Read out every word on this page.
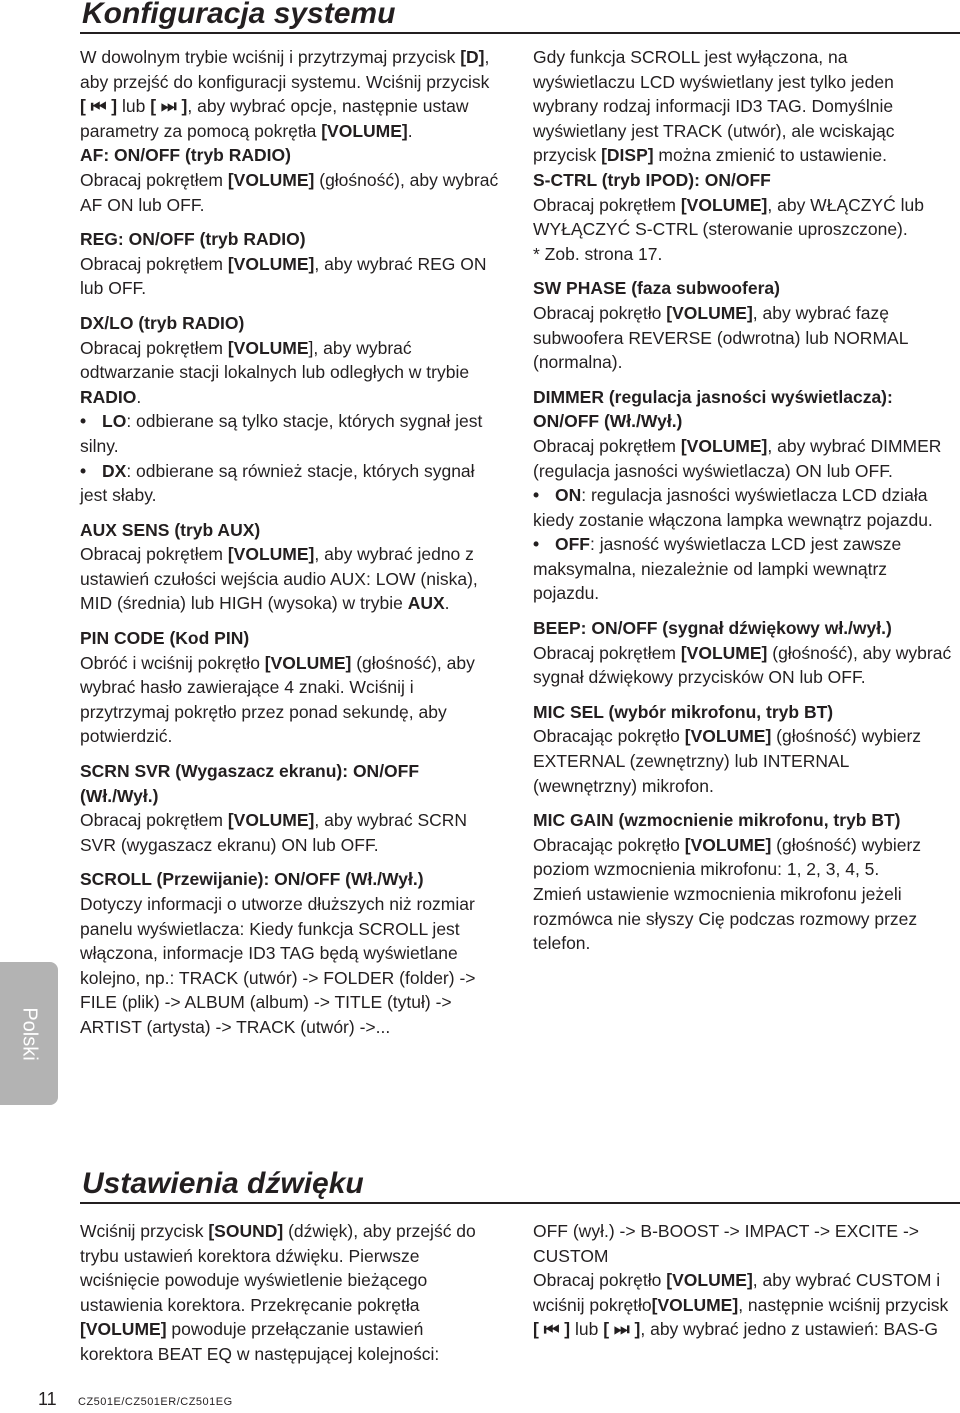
Konfiguracja systemu

W dowolnym trybie wciśnij i przytrzymaj przycisk [D], aby przejść do konfiguracji systemu. Wciśnij przycisk [ ⏮ ] lub [ ⏭ ], aby wybrać opcje, następnie ustaw parametry za pomocą pokrętła [VOLUME].

AF: ON/OFF (tryb RADIO)

Obracaj pokrętłem [VOLUME] (głośność), aby wybrać AF ON lub OFF.

REG: ON/OFF (tryb RADIO)

Obracaj pokrętłem [VOLUME], aby wybrać REG ON lub OFF.

DX/LO (tryb RADIO)

Obracaj pokrętłem [VOLUME], aby wybrać odtwarzanie stacji lokalnych lub odległych w trybie RADIO.

• LO: odbierane są tylko stacje, których sygnał jest silny.

• DX: odbierane są również stacje, których sygnał jest słaby.

AUX SENS (tryb AUX)

Obracaj pokrętłem [VOLUME], aby wybrać jedno z ustawień czułości wejścia audio AUX: LOW (niska), MID (średnia) lub HIGH (wysoka) w trybie AUX.

PIN CODE (Kod PIN)

Obróć i wciśnij pokrętło [VOLUME] (głośność), aby wybrać hasło zawierające 4 znaki. Wciśnij i przytrzymaj pokrętło przez ponad sekundę, aby potwierdzić.

SCRN SVR (Wygaszacz ekranu): ON/OFF (Wł./Wył.)

Obracaj pokrętłem [VOLUME], aby wybrać SCRN SVR (wygaszacz ekranu) ON lub OFF.

SCROLL (Przewijanie): ON/OFF (Wł./Wył.)

Dotyczy informacji o utworze dłuższych niż rozmiar panelu wyświetlacza: Kiedy funkcja SCROLL jest włączona, informacje ID3 TAG będą wyświetlane kolejno, np.: TRACK (utwór) -> FOLDER (folder) -> FILE (plik) -> ALBUM (album) -> TITLE (tytuł) -> ARTIST (artysta) -> TRACK (utwór) ->...

Gdy funkcja SCROLL jest wyłączona, na wyświetlaczu LCD wyświetlany jest tylko jeden wybrany rodzaj informacji ID3 TAG. Domyślnie wyświetlany jest TRACK (utwór), ale wciskając przycisk [DISP] można zmienić to ustawienie.

S-CTRL (tryb IPOD): ON/OFF

Obracaj pokrętłem [VOLUME], aby WŁĄCZYĆ lub WYŁĄCZYĆ S-CTRL (sterowanie uproszczone).

* Zob. strona 17.

SW PHASE (faza subwoofera)

Obracaj pokrętło [VOLUME], aby wybrać fazę subwoofera REVERSE (odwrotna) lub NORMAL (normalna).

DIMMER (regulacja jasności wyświetlacza): ON/OFF (Wł./Wył.)

Obracaj pokrętłem [VOLUME], aby wybrać DIMMER (regulacja jasności wyświetlacza) ON lub OFF.

• ON: regulacja jasności wyświetlacza LCD działa kiedy zostanie włączona lampka wewnątrz pojazdu.

• OFF: jasność wyświetlacza LCD jest zawsze maksymalna, niezależnie od lampki wewnątrz pojazdu.

BEEP: ON/OFF (sygnał dźwiękowy wł./wył.)

Obracaj pokrętłem [VOLUME] (głośność), aby wybrać sygnał dźwiękowy przycisków ON lub OFF.

MIC SEL (wybór mikrofonu, tryb BT)

Obracając pokrętło [VOLUME] (głośność) wybierz EXTERNAL (zewnętrzny) lub INTERNAL (wewnętrzny) mikrofon.

MIC GAIN (wzmocnienie mikrofonu, tryb BT)

Obracając pokrętło [VOLUME] (głośność) wybierz poziom wzmocnienia mikrofonu: 1, 2, 3, 4, 5.

Zmień ustawienie wzmocnienia mikrofonu jeżeli rozmówca nie słyszy Cię podczas rozmowy przez telefon.

Ustawienia dźwięku

Wciśnij przycisk [SOUND] (dźwięk), aby przejść do trybu ustawień korektora dźwięku. Pierwsze wciśnięcie powoduje wyświetlenie bieżącego ustawienia korektora. Przekręcanie pokrętła [VOLUME] powoduje przełączanie ustawień korektora BEAT EQ w następującej kolejności:

OFF (wył.) -> B-BOOST -> IMPACT -> EXCITE -> CUSTOM

Obracaj pokrętło [VOLUME], aby wybrać CUSTOM i wciśnij pokrętło[VOLUME], następnie wciśnij przycisk [ ⏮ ] lub [ ⏭ ], aby wybrać jedno z ustawień: BAS-G

Polski
11 CZ501E/CZ501ER/CZ501EG
